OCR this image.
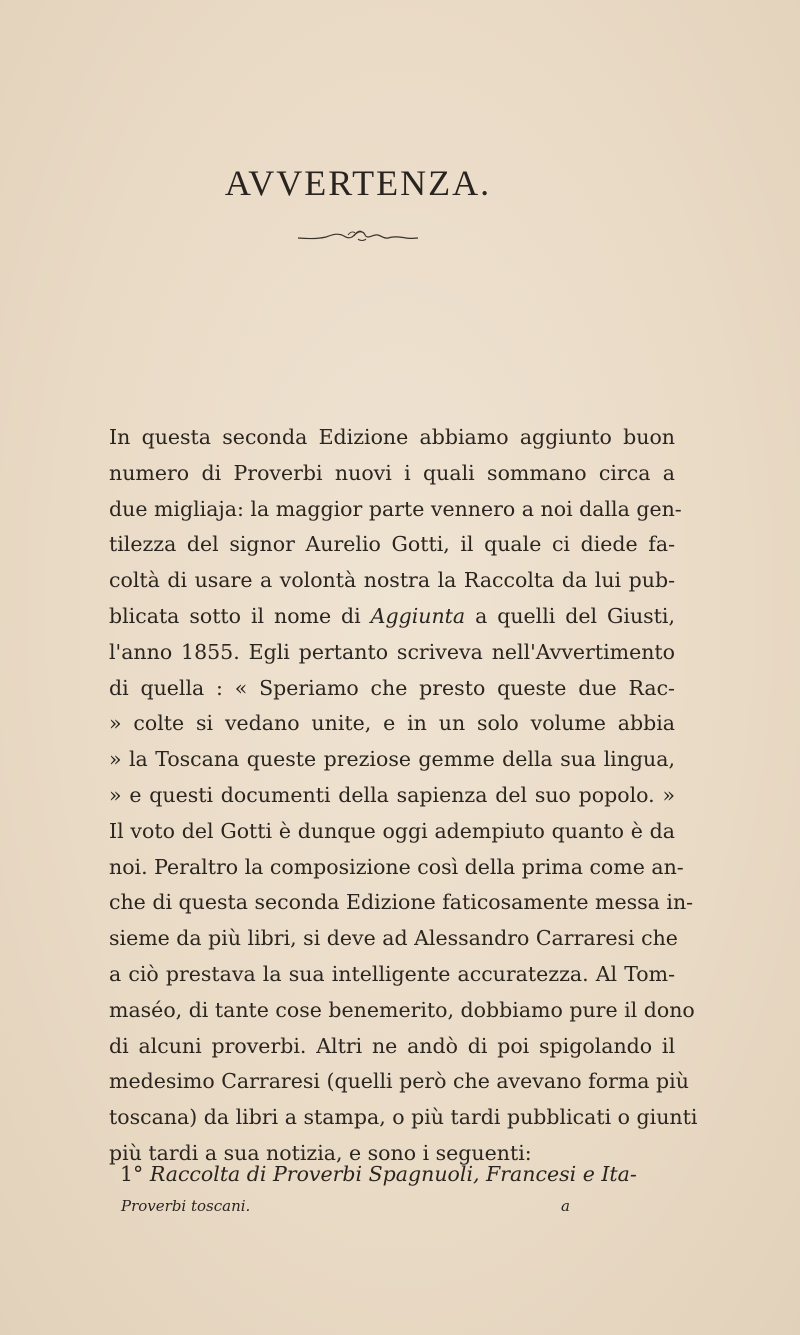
AVVERTENZA.
In questa seconda Edizione abbiamo aggiunto buon
numero di Proverbi nuovi i quali sommano circa a
due migliaja: la maggior parte vennero a noi dalla gen-
tilezza del signor Aurelio Gotti, il quale ci diede fa-
coltà di usare a volontà nostra la Raccolta da lui pub-
blicata sotto il nome di Aggiunta a quelli del Giusti,
l'anno 1855. Egli pertanto scriveva nell'Avvertimento
di quella : « Speriamo che presto queste due Rac-
» colte si vedano unite, e in un solo volume abbia
» la Toscana queste preziose gemme della sua lingua,
» e questi documenti della sapienza del suo popolo. »
Il voto del Gotti è dunque oggi adempiuto quanto è da
noi. Peraltro la composizione così della prima come an-
che di questa seconda Edizione faticosamente messa in-
sieme da più libri, si deve ad Alessandro Carraresi che
a ciò prestava la sua intelligente accuratezza. Al Tom-
maséo, di tante cose benemerito, dobbiamo pure il dono
di alcuni proverbi. Altri ne andò di poi spigolando il
medesimo Carraresi (quelli però che avevano forma più
toscana) da libri a stampa, o più tardi pubblicati o giunti
più tardi a sua notizia, e sono i seguenti:
1° Raccolta di Proverbi Spagnuoli, Francesi e Ita-
Proverbi toscani.	a
